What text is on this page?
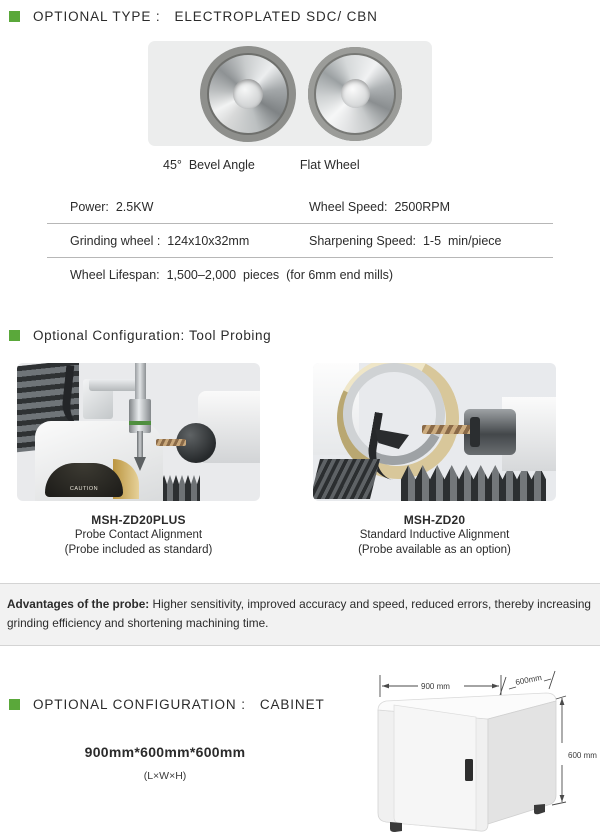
OPTIONAL TYPE :   ELECTROPLATED SDC/ CBN
45°  Bevel Angle	Flat Wheel
Power:  2.5KW	Wheel Speed:  2500RPM
Grinding wheel :  124x10x32mm	Sharpening Speed:  1-5  min/piece
Wheel Lifespan:  1,500–2,000  pieces  (for 6mm end mills)
Optional Configuration: Tool Probing
CAUTION
MSH-ZD20PLUS
Probe Contact Alignment
(Probe included as standard)
MSH-ZD20
Standard Inductive Alignment
(Probe available as an option)
Advantages of the probe: Higher sensitivity, improved accuracy and speed, reduced errors, thereby increasing grinding efficiency and shortening machining time.
OPTIONAL CONFIGURATION :   CABINET
900mm*600mm*600mm
(L×W×H)
900 mm	600mm
600 mm
